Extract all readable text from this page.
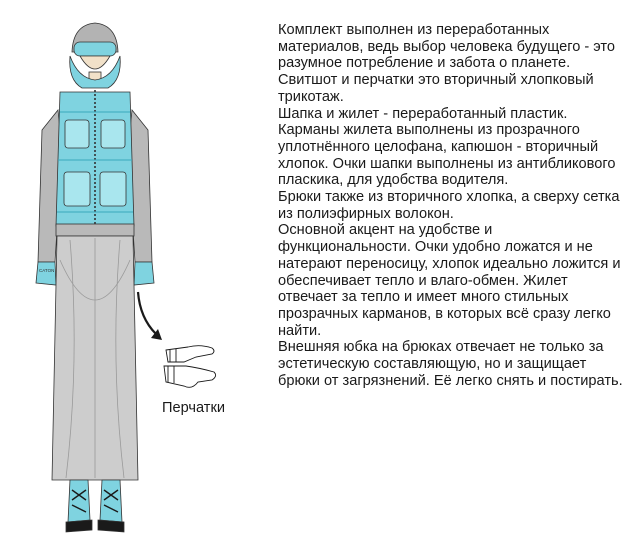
CATON
Перчатки

Комплект выполнен из переработанных материалов, ведь выбор человека будущего - это разумное потребление и забота о планете.

Свитшот и перчатки это вторичный хлопковый трикотаж.

Шапка и жилет - переработанный пластик. Карманы жилета выполнены из прозрачного уплотнённого целофана, капюшон - вторичный хлопок. Очки шапки выполнены из антибликового пласкика, для удобства водителя.

Брюки также из вторичного хлопка, а сверху сетка из полиэфирных волокон.

Основной акцент на удобстве и функциональности. Очки удобно ложатся и не натерают переносицу, хлопок идеально ложится и обеспечивает тепло и влаго-обмен. Жилет отвечает за тепло и имеет много стильных прозрачных карманов, в которых всё сразу легко найти.

Внешняя юбка на брюках отвечает не только за эстетическую составляющую, но и защищает брюки от загрязнений. Её легко снять и постирать.
